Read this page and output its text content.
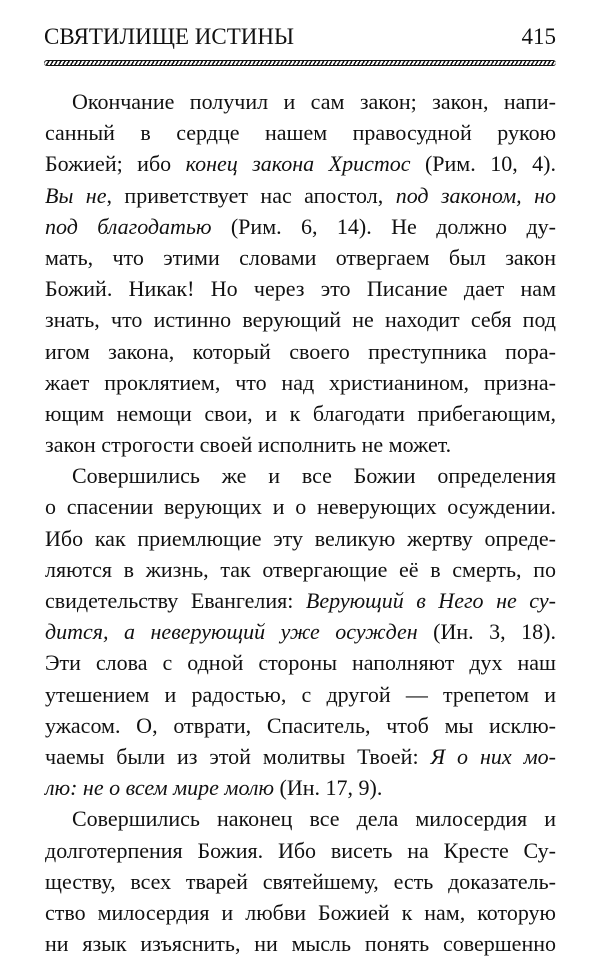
СВЯТИЛИЩЕ ИСТИНЫ	415
Окончание получил и сам закон; закон, напи-
санный в сердце нашем правосудной рукою
Божией; ибо конец закона Христос (Рим. 10, 4).
Вы не, приветствует нас апостол, под законом, но
под благодатью (Рим. 6, 14). Не должно ду-
мать, что этими словами отвергаем был закон
Божий. Никак! Но через это Писание дает нам
знать, что истинно верующий не находит себя под
игом закона, который своего преступника пора-
жает проклятием, что над христианином, призна-
ющим немощи свои, и к благодати прибегающим,
закон строгости своей исполнить не может.
Совершились же и все Божии определения
о спасении верующих и о неверующих осуждении.
Ибо как приемлющие эту великую жертву опреде-
ляются в жизнь, так отвергающие её в смерть, по
свидетельству Евангелия: Верующий в Него не су-
дится, а неверующий уже осужден (Ин. 3, 18).
Эти слова с одной стороны наполняют дух наш
утешением и радостью, с другой — трепетом и
ужасом. О, отврати, Спаситель, чтоб мы исклю-
чаемы были из этой молитвы Твоей: Я о них мо-
лю: не о всем мире молю (Ин. 17, 9).
Совершились наконец все дела милосердия и
долготерпения Божия. Ибо висеть на Кресте Су-
ществу, всех тварей святейшему, есть доказатель-
ство милосердия и любви Божией к нам, которую
ни язык изъяснить, ни мысль понять совершенно
